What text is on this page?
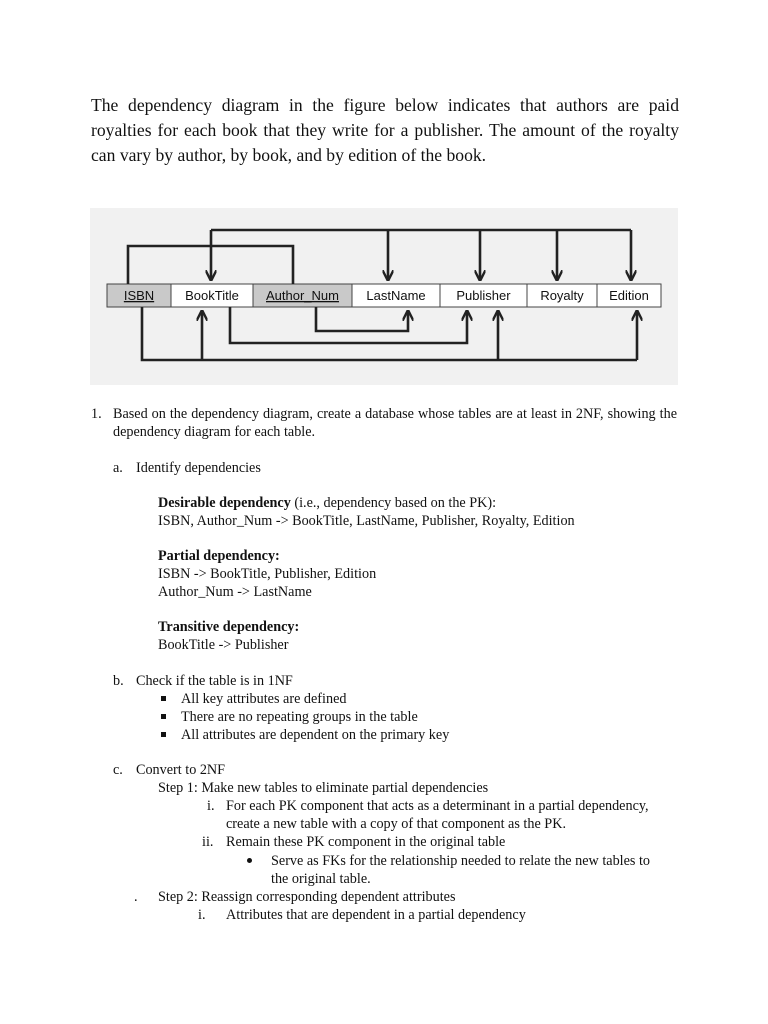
The dependency diagram in the figure below indicates that authors are paid royalties for each book that they write for a publisher. The amount of the royalty can vary by author, by book, and by edition of the book.

ISBN BookTitle Author_Num LastName Publisher Royalty Edition
1. Based on the dependency diagram, create a database whose tables are at least in 2NF, showing the dependency diagram for each table.

a. Identify dependencies
Desirable dependency (i.e., dependency based on the PK):
ISBN, Author_Num -> BookTitle, LastName, Publisher, Royalty, Edition
Partial dependency:
ISBN -> BookTitle, Publisher, Edition
Author_Num -> LastName
Transitive dependency:
BookTitle -> Publisher
b. Check if the table is in 1NF
All key attributes are defined
There are no repeating groups in the table
All attributes are dependent on the primary key
c. Convert to 2NF
Step 1: Make new tables to eliminate partial dependencies
i. For each PK component that acts as a determinant in a partial dependency,
create a new table with a copy of that component as the PK.
ii. Remain these PK component in the original table
Serve as FKs for the relationship needed to relate the new tables to
the original table.
. Step 2: Reassign corresponding dependent attributes
i. Attributes that are dependent in a partial dependency
